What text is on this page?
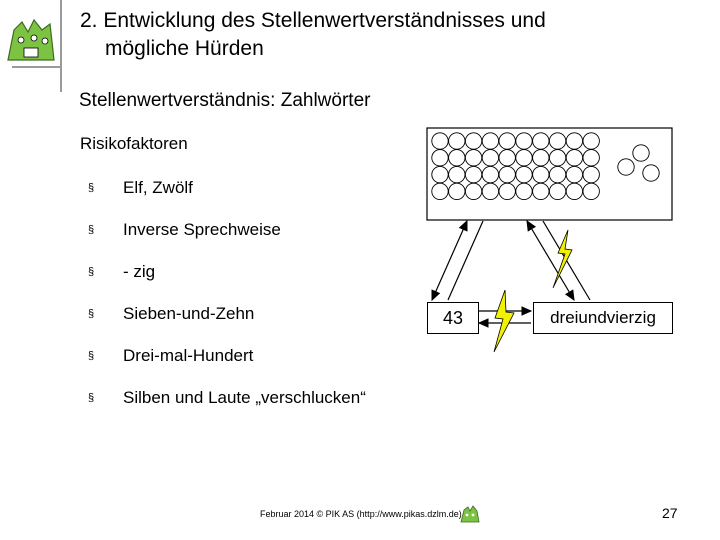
2. Entwicklung des Stellenwertverständnisses und
mögliche Hürden
Stellenwertverständnis: Zahlwörter
Risikofaktoren
§ Elf, Zwölf
§ Inverse Sprechweise
§ - zig
§ Sieben-und-Zehn
§ Drei-mal-Hundert
§ Silben und Laute „verschlucken“
43	dreiundvierzig
Februar 2014 © PIK AS (http://www.pikas.dzlm.de)	27
